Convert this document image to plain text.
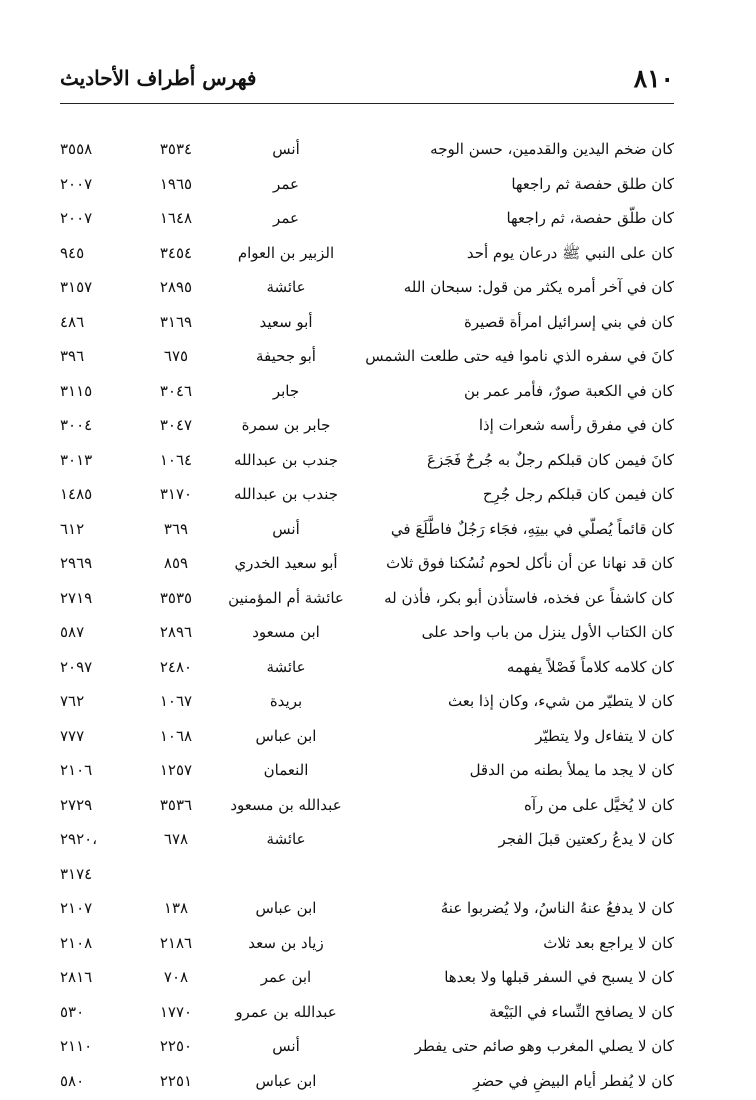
٨١٠
فهرس أطراف الأحاديث
كان ضخم اليدين والقدمين، حسن الوجه
أنس
٣٥٣٤
٣٥٥٨
كان طلق حفصة ثم راجعها
عمر
١٩٦٥
٢٠٠٧
كان طلّق حفصة، ثم راجعها
عمر
١٦٤٨
٢٠٠٧
كان على النبي ﷺ درعان يوم أحد
الزبير بن العوام
٣٤٥٤
٩٤٥
كان في آخر أمره يكثر من قول: سبحان الله
عائشة
٢٨٩٥
٣١٥٧
كان في بني إسرائيل امرأة قصيرة
أبو سعيد
٣١٦٩
٤٨٦
كانَ في سفره الذي ناموا فيه حتى طلعت الشمس
أبو جحيفة
٦٧٥
٣٩٦
كان في الكعبة صورٌ، فأمر عمر بن
جابر
٣٠٤٦
٣١١٥
كان في مفرق رأسه شعرات إذا
جابر بن سمرة
٣٠٤٧
٣٠٠٤
كانَ فيمن كان قبلكم رجلٌ به جُرحٌ فَجَزعَ
جندب بن عبدالله
١٠٦٤
٣٠١٣
كان فيمن كان قبلكم رجل جُرِح
جندب بن عبدالله
٣١٧٠
١٤٨٥
كان قائماً يُصلّي في بيتِهِ، فجَاء رَجُلٌ فاطَّلَعَ في
أنس
٣٦٩
٦١٢
كان قد نهانا عن أن نأكل لحوم نُسُكنا فوق ثلاث
أبو سعيد الخدري
٨٥٩
٢٩٦٩
كان كاشفاً عن فخذه، فاستأذن أبو بكر، فأذن له
عائشة أم المؤمنين
٣٥٣٥
٢٧١٩
كان الكتاب الأول ينزل من باب واحد على
ابن مسعود
٢٨٩٦
٥٨٧
كان كلامه كلاماً فَصْلاً يفهمه
عائشة
٢٤٨٠
٢٠٩٧
كان لا يتطيّر من شيء، وكان إذا بعث
بريدة
١٠٦٧
٧٦٢
كان لا يتفاءل ولا يتطيّر
ابن عباس
١٠٦٨
٧٧٧
كان لا يجد ما يملأ بطنه من الدقل
النعمان
١٢٥٧
٢١٠٦
كان لا يُخيَّل على من رآه
عبدالله بن مسعود
٣٥٣٦
٢٧٢٩
كان لا يدعُ ركعتين قبلَ الفجر
عائشة
٦٧٨
،٢٩٢٠
٣١٧٤
كان لا يدفعُ عنهُ الناسُ، ولا يُضربوا عنهُ
ابن عباس
١٣٨
٢١٠٧
كان لا يراجع بعد ثلاث
زياد بن سعد
٢١٨٦
٢١٠٨
كان لا يسبح في السفر قبلها ولا بعدها
ابن عمر
٧٠٨
٢٨١٦
كان لا يصافح النِّساء في البَيْعة
عبدالله بن عمرو
١٧٧٠
٥٣٠
كان لا يصلي المغرب وهو صائم حتى يفطر
أنس
٢٢٥٠
٢١١٠
كان لا يُفطر أيام البيضِ في حضرِ
ابن عباس
٢٢٥١
٥٨٠
